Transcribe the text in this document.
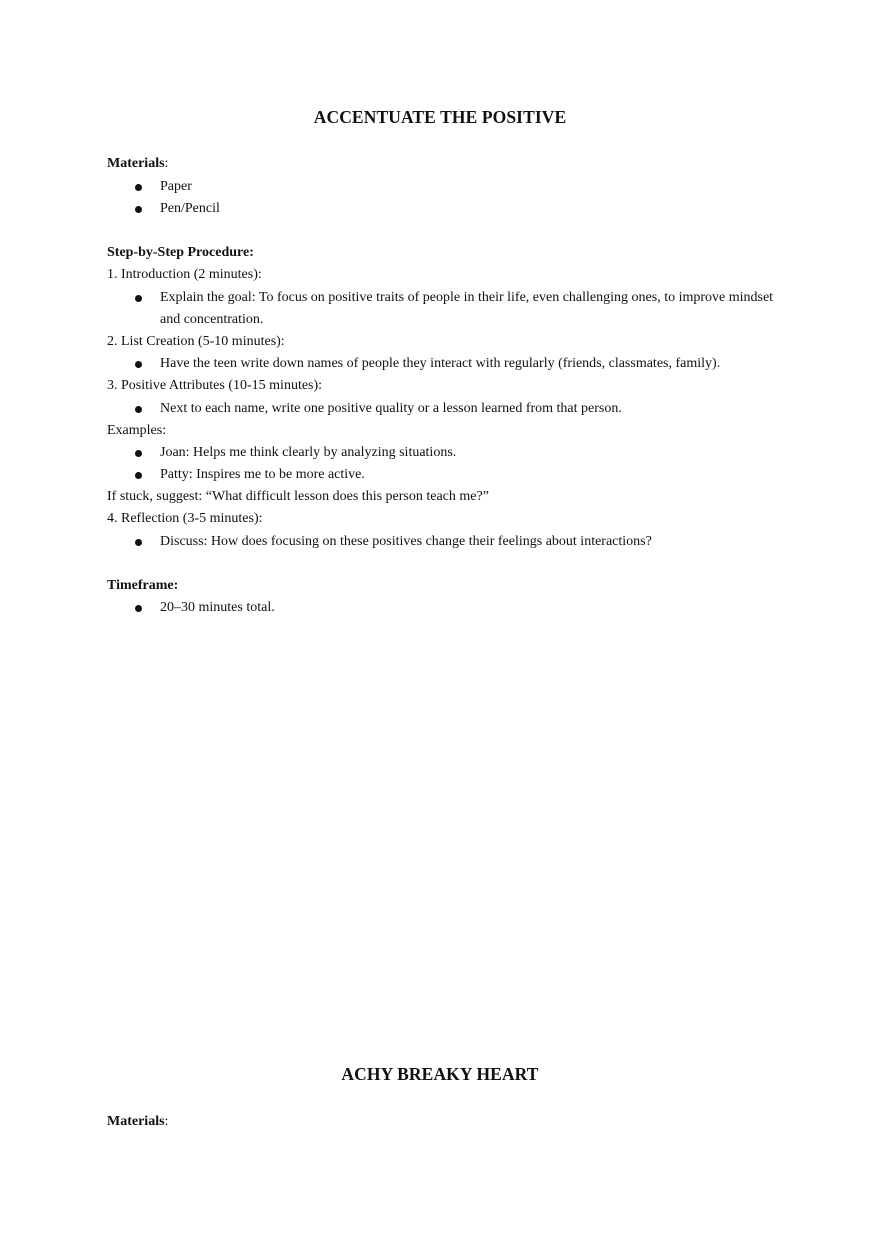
ACCENTUATE THE POSITIVE
Materials:
Paper
Pen/Pencil
Step-by-Step Procedure:
1. Introduction (2 minutes):
Explain the goal: To focus on positive traits of people in their life, even challenging ones, to improve mindset and concentration.
2. List Creation (5-10 minutes):
Have the teen write down names of people they interact with regularly (friends, classmates, family).
3. Positive Attributes (10-15 minutes):
Next to each name, write one positive quality or a lesson learned from that person.
Examples:
Joan: Helps me think clearly by analyzing situations.
Patty: Inspires me to be more active.
If stuck, suggest: “What difficult lesson does this person teach me?”
4. Reflection (3-5 minutes):
Discuss: How does focusing on these positives change their feelings about interactions?
Timeframe:
20–30 minutes total.
ACHY BREAKY HEART
Materials:
